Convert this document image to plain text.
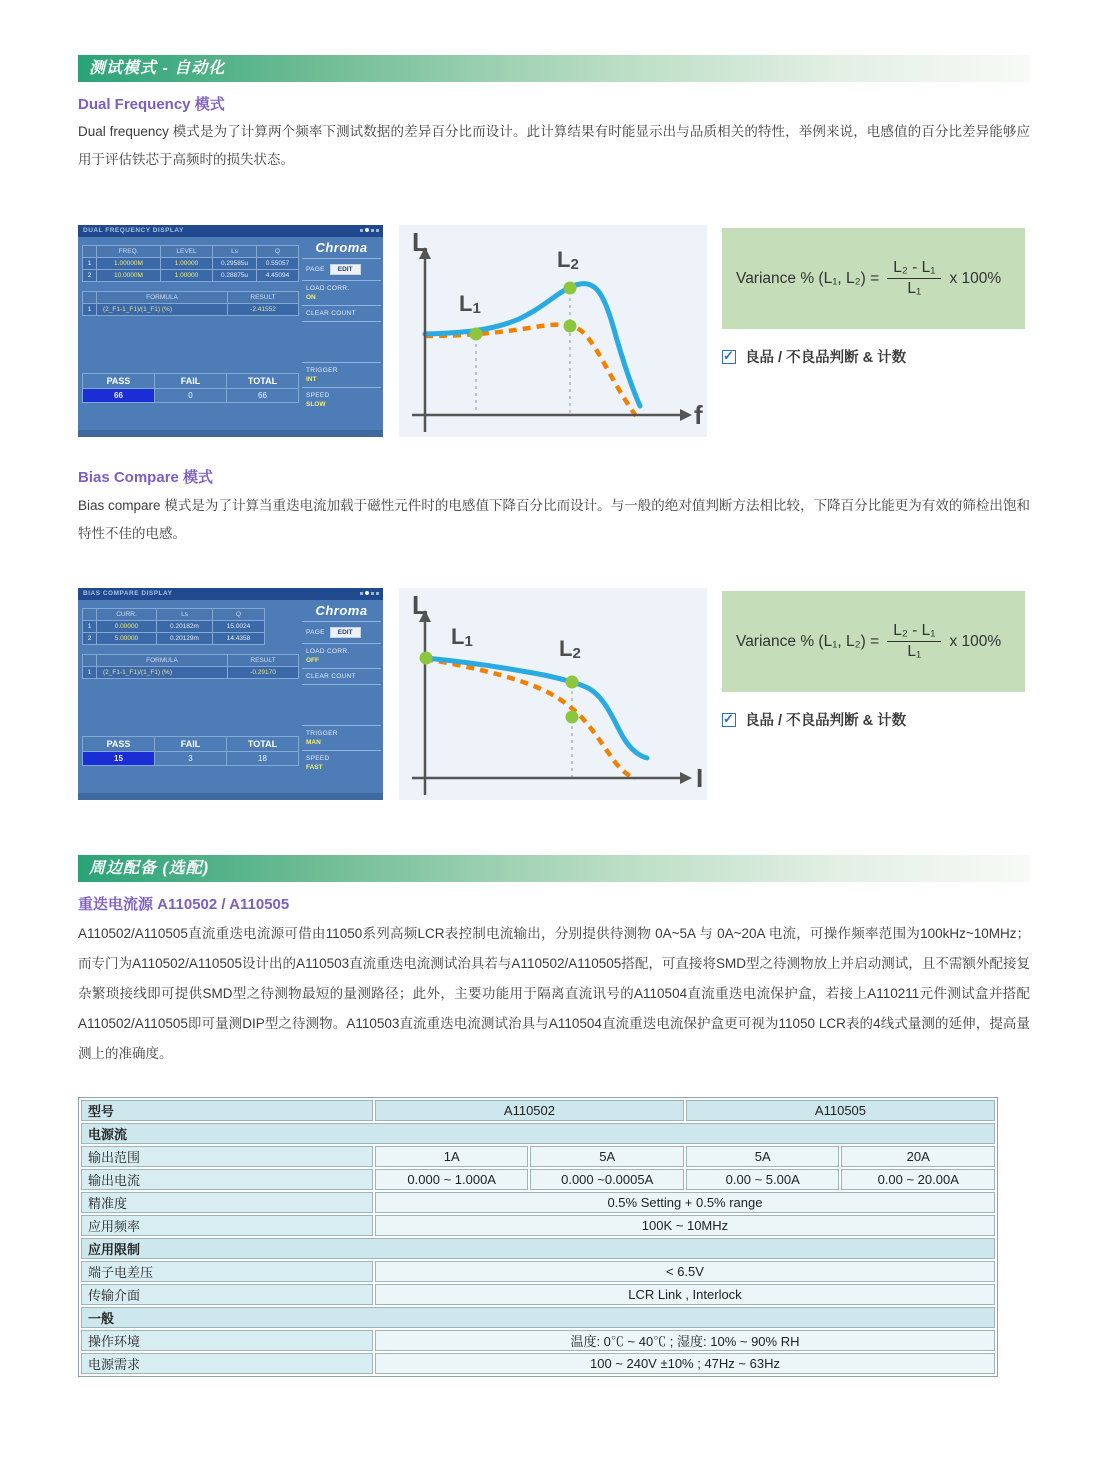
测试模式 - 自动化
Dual Frequency 模式
Dual frequency 模式是为了计算两个频率下测试数据的差异百分比而设计。此计算结果有时能显示出与品质相关的特性，举例来说，电感值的百分比差异能够应用于评估铁芯于高频时的损失状态。
DUAL FREQUENCY DISPLAY
	FREQ.	LEVEL	Ls	Q
1	1.00000M	1.00000	0.29585u	0.55057
2	10.0000M	1.00000	0.28875u	4.45094
	FORMULA	RESULT
1	(2_F1-1_F1)/(1_F1) (%)	-2.41552
PASS	FAIL	TOTAL
66	0	66
Chroma
PAGE	EDIT
LOAD CORR.
ON
CLEAR COUNT
TRIGGER
INT
SPEED
SLOW
L
f
L1
L2
Variance % (L₁, $L_2) = \frac{\text{L₂ - L₁}}{\text{L₁}}$ x 100%
✓
良品 / 不良品判断 & 计数
Bias Compare 模式
Bias compare 模式是为了计算当重迭电流加载于磁性元件时的电感值下降百分比而设计。与一般的绝对值判断方法相比较，下降百分比能更为有效的筛检出饱和特性不佳的电感。
BIAS COMPARE DISPLAY
	CURR.	Ls	Q
1	0.00000	0.20182m	15.0024
2	5.00000	0.20129m	14.4358
	FORMULA	RESULT
1	(2_F1-1_F1)/(1_F1) (%)	-0.29170
PASS	FAIL	TOTAL
15	3	18
Chroma
PAGE	EDIT
LOAD CORR.
OFF
CLEAR COUNT
TRIGGER
MAN
SPEED
FAST
L
I
L1	L2
Variance % (L₁, $L_2) = \frac{\text{L₂ - L₁}}{\text{L₁}}$ x 100%
✓
良品 / 不良品判断 & 计数
周边配备 (选配)
重迭电流源 A110502 / A110505
A110502/A110505直流重迭电流源可借由11050系列高频LCR表控制电流输出，分别提供待测物 0A~5A 与 0A~20A 电流，可操作频率范围为100kHz~10MHz；而专门为A110502/A110505设计出的A110503直流重迭电流测试治具若与A110502/A110505搭配，可直接将SMD型之待测物放上并启动测试，且不需额外配接复杂繁琐接线即可提供SMD型之待测物最短的量测路径；此外，主要功能用于隔离直流讯号的A110504直流重迭电流保护盒，若接上A110211元件测试盒并搭配A110502/A110505即可量测DIP型之待测物。A110503直流重迭电流测试治具与A110504直流重迭电流保护盒更可视为11050 LCR表的4线式量测的延伸，提高量测上的准确度。
型号	A110502		A110505	
电源流				
输出范围	1A	5A	5A	20A
输出电流	0.000 ~ 1.000A	0.000 ~0.0005A	0.00 ~ 5.00A	0.00 ~ 20.00A
精准度	0.5% Setting + 0.5% range			
应用频率	100K ~ 10MHz			
应用限制				
端子电差压	< 6.5V			
传输介面	LCR Link , Interlock			
一般				
操作环境	温度: 0℃ ~ 40℃ ; 湿度: 10% ~ 90% RH			
电源需求	100 ~ 240V ±10% ; 47Hz ~ 63Hz			
